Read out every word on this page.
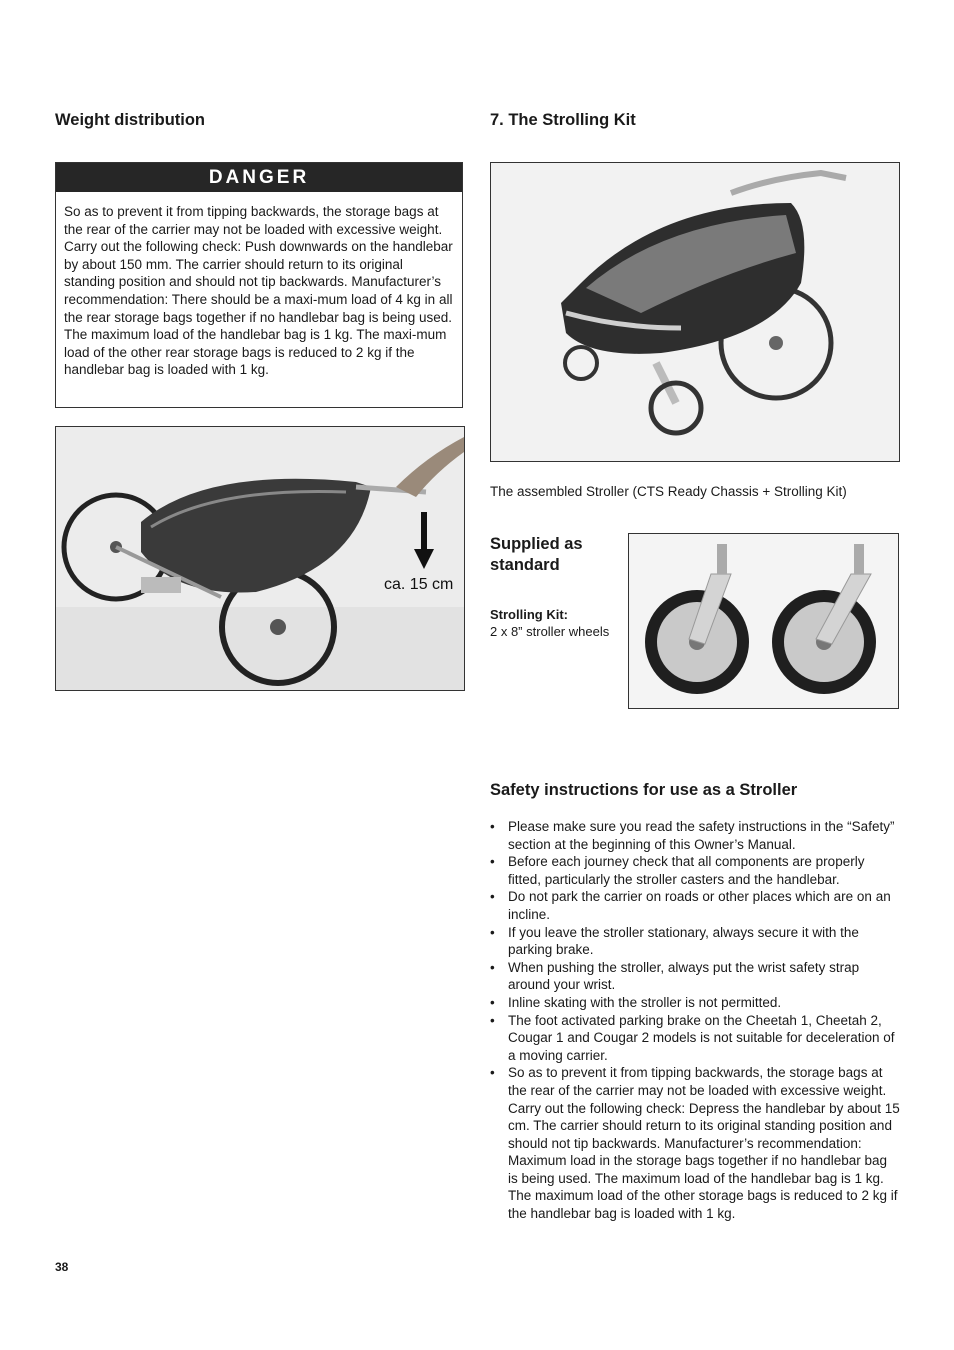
Weight distribution
DANGER

So as to prevent it from tipping backwards, the storage bags at the rear of the carrier may not be loaded with excessive weight. Carry out the following check: Push downwards on the handlebar by about 150 mm. The carrier should return to its original standing position and should not tip backwards. Manufacturer’s recommendation: There should be a maxi-mum load of 4 kg in all the rear storage bags together if no handlebar bag is being used.

The maximum load of the handlebar bag is 1 kg. The maxi-mum load of the other rear storage bags is reduced to 2 kg if the handlebar bag is loaded with 1 kg.

ca. 15 cm
7. The Strolling Kit
The assembled Stroller (CTS Ready Chassis + Strolling Kit)
Supplied as standard
Strolling Kit:
2 x 8” stroller wheels
Safety instructions for use as a Stroller
• Please make sure you read the safety instructions in the “Safety” section at the beginning of this Owner’s Manual.
• Before each journey check that all components are properly fitted, particularly the stroller casters and the handlebar.
• Do not park the carrier on roads or other places which are on an incline.
• If you leave the stroller stationary, always secure it with the parking brake.
• When pushing the stroller, always put the wrist safety strap around your wrist.
• Inline skating with the stroller is not permitted.
• The foot activated parking brake on the Cheetah 1, Cheetah 2, Cougar 1 and Cougar 2 models is not suitable for deceleration of a moving carrier.
• So as to prevent it from tipping backwards, the storage bags at the rear of the carrier may not be loaded with excessive weight. Carry out the following check: Depress the handlebar by about 15 cm. The carrier should return to its original standing position and should not tip backwards. Manufacturer’s recommendation: Maximum load in the storage bags together if no handlebar bag is being used. The maximum load of the handlebar bag is 1 kg. The maximum load of the other storage bags is reduced to 2 kg if the handlebar bag is loaded with 1 kg.
38
